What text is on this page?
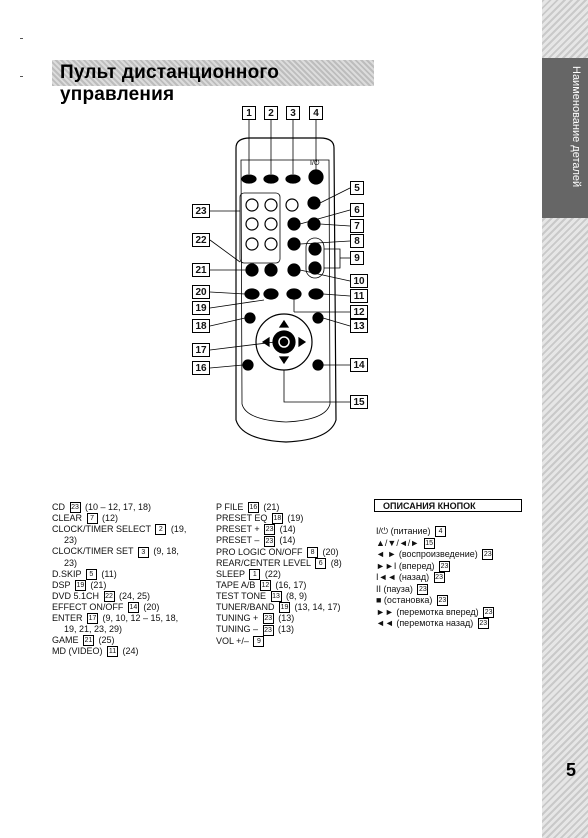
Наименование деталей
5
Пульт дистанционного управления
I/⏻
1	2	3	4
5
6
7
8
9
10
11
12
13
14
15
16
17
18
19
20
21
22
23
CD 23 (10 – 12, 17, 18)
CLEAR 7 (12)
CLOCK/TIMER SELECT 2 (19,
23)
CLOCK/TIMER SET 3 (9, 18,
23)
D.SKIP 5 (11)
DSP 19 (21)
DVD 5.1CH 22 (24, 25)
EFFECT ON/OFF 14 (20)
ENTER 17 (9, 10, 12 – 15, 18,
19, 21, 23, 29)
GAME 21 (25)
MD (VIDEO) 11 (24)
P FILE 16 (21)
PRESET EQ 18 (19)
PRESET + 23 (14)
PRESET – 23 (14)
PRO LOGIC ON/OFF 8 (20)
REAR/CENTER LEVEL 6 (8)
SLEEP 1 (22)
TAPE A/B 12 (16, 17)
TEST TONE 13 (8, 9)
TUNER/BAND 19 (13, 14, 17)
TUNING + 23 (13)
TUNING – 23 (13)
VOL +/– 9
ОПИСАНИЯ КНОПОК
I/⏻ (питание) 4
▲/▼/◄/► 15
◄ ► (воспроизведение) 23
►►I (вперед) 23
I◄◄ (назад) 23
II (пауза) 23
■ (остановка) 23
►► (перемотка вперед) 23
◄◄ (перемотка назад) 23
